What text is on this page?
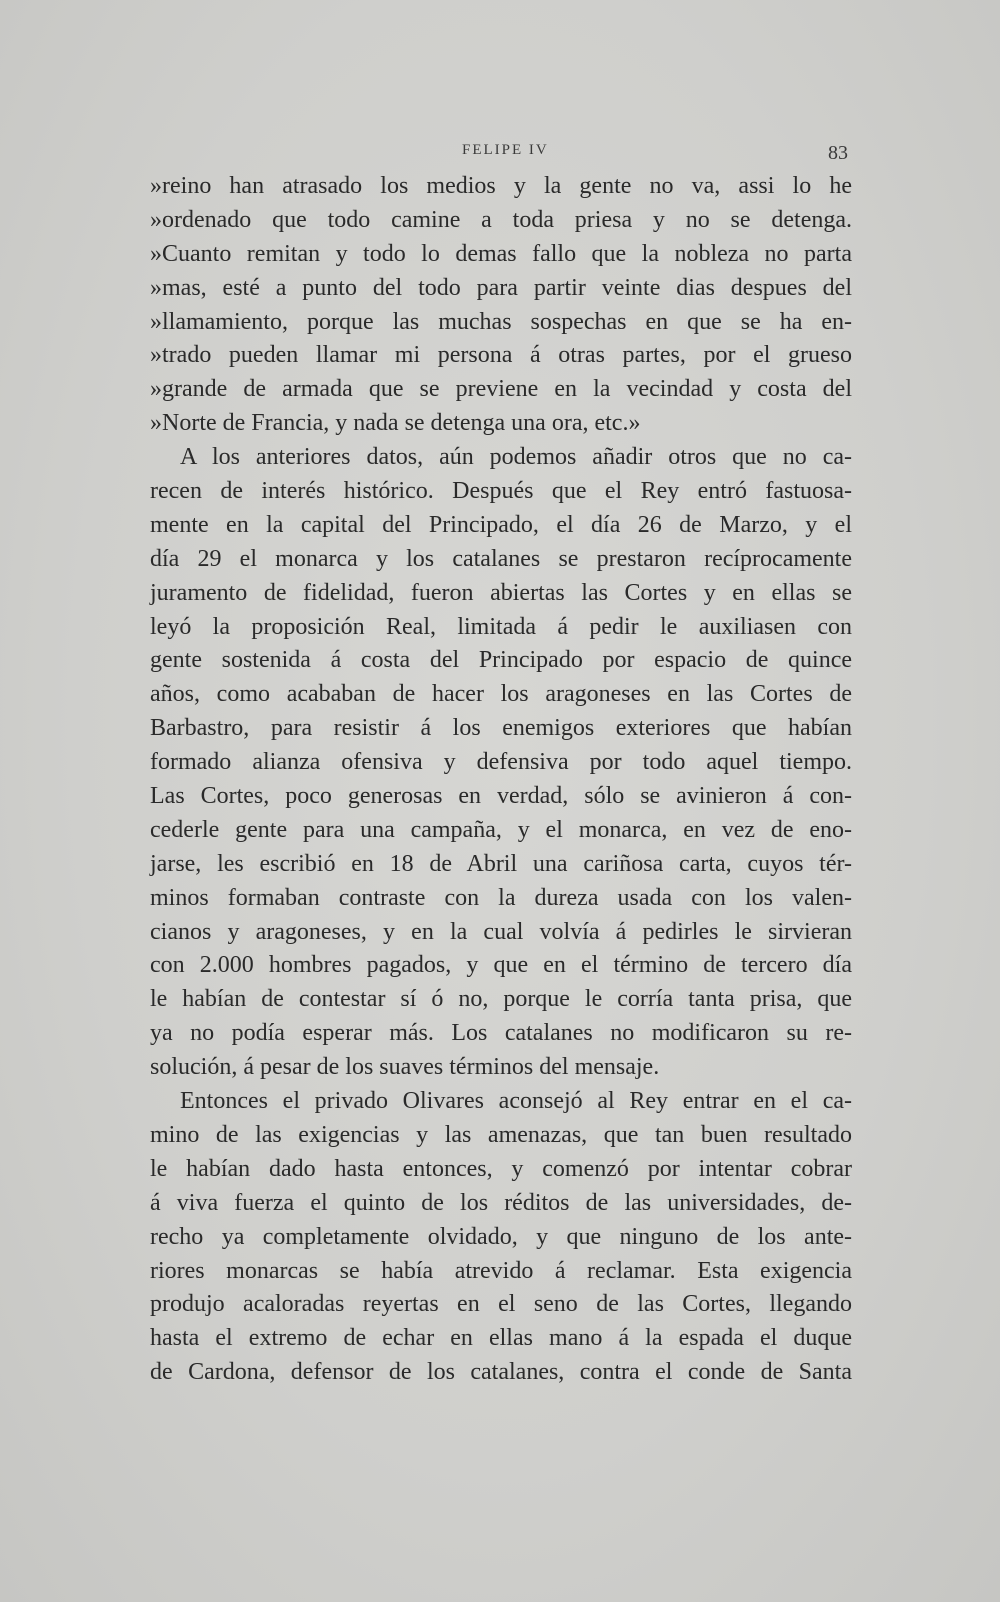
FELIPE IV	83
»reino han atrasado los medios y la gente no va, assi lo he
»ordenado que todo camine a toda priesa y no se detenga.
»Cuanto remitan y todo lo demas fallo que la nobleza no parta
»mas, esté a punto del todo para partir veinte dias despues del
»llamamiento, porque las muchas sospechas en que se ha en-
»trado pueden llamar mi persona á otras partes, por el grueso
»grande de armada que se previene en la vecindad y costa del
»Norte de Francia, y nada se detenga una ora, etc.»
A los anteriores datos, aún podemos añadir otros que no ca-
recen de interés histórico. Después que el Rey entró fastuosa-
mente en la capital del Principado, el día 26 de Marzo, y el
día 29 el monarca y los catalanes se prestaron recíprocamente
juramento de fidelidad, fueron abiertas las Cortes y en ellas se
leyó la proposición Real, limitada á pedir le auxiliasen con
gente sostenida á costa del Principado por espacio de quince
años, como acababan de hacer los aragoneses en las Cortes de
Barbastro, para resistir á los enemigos exteriores que habían
formado alianza ofensiva y defensiva por todo aquel tiempo.
Las Cortes, poco generosas en verdad, sólo se avinieron á con-
cederle gente para una campaña, y el monarca, en vez de eno-
jarse, les escribió en 18 de Abril una cariñosa carta, cuyos tér-
minos formaban contraste con la dureza usada con los valen-
cianos y aragoneses, y en la cual volvía á pedirles le sirvieran
con 2.000 hombres pagados, y que en el término de tercero día
le habían de contestar sí ó no, porque le corría tanta prisa, que
ya no podía esperar más. Los catalanes no modificaron su re-
solución, á pesar de los suaves términos del mensaje.
Entonces el privado Olivares aconsejó al Rey entrar en el ca-
mino de las exigencias y las amenazas, que tan buen resultado
le habían dado hasta entonces, y comenzó por intentar cobrar
á viva fuerza el quinto de los réditos de las universidades, de-
recho ya completamente olvidado, y que ninguno de los ante-
riores monarcas se había atrevido á reclamar. Esta exigencia
produjo acaloradas reyertas en el seno de las Cortes, llegando
hasta el extremo de echar en ellas mano á la espada el duque
de Cardona, defensor de los catalanes, contra el conde de Santa
